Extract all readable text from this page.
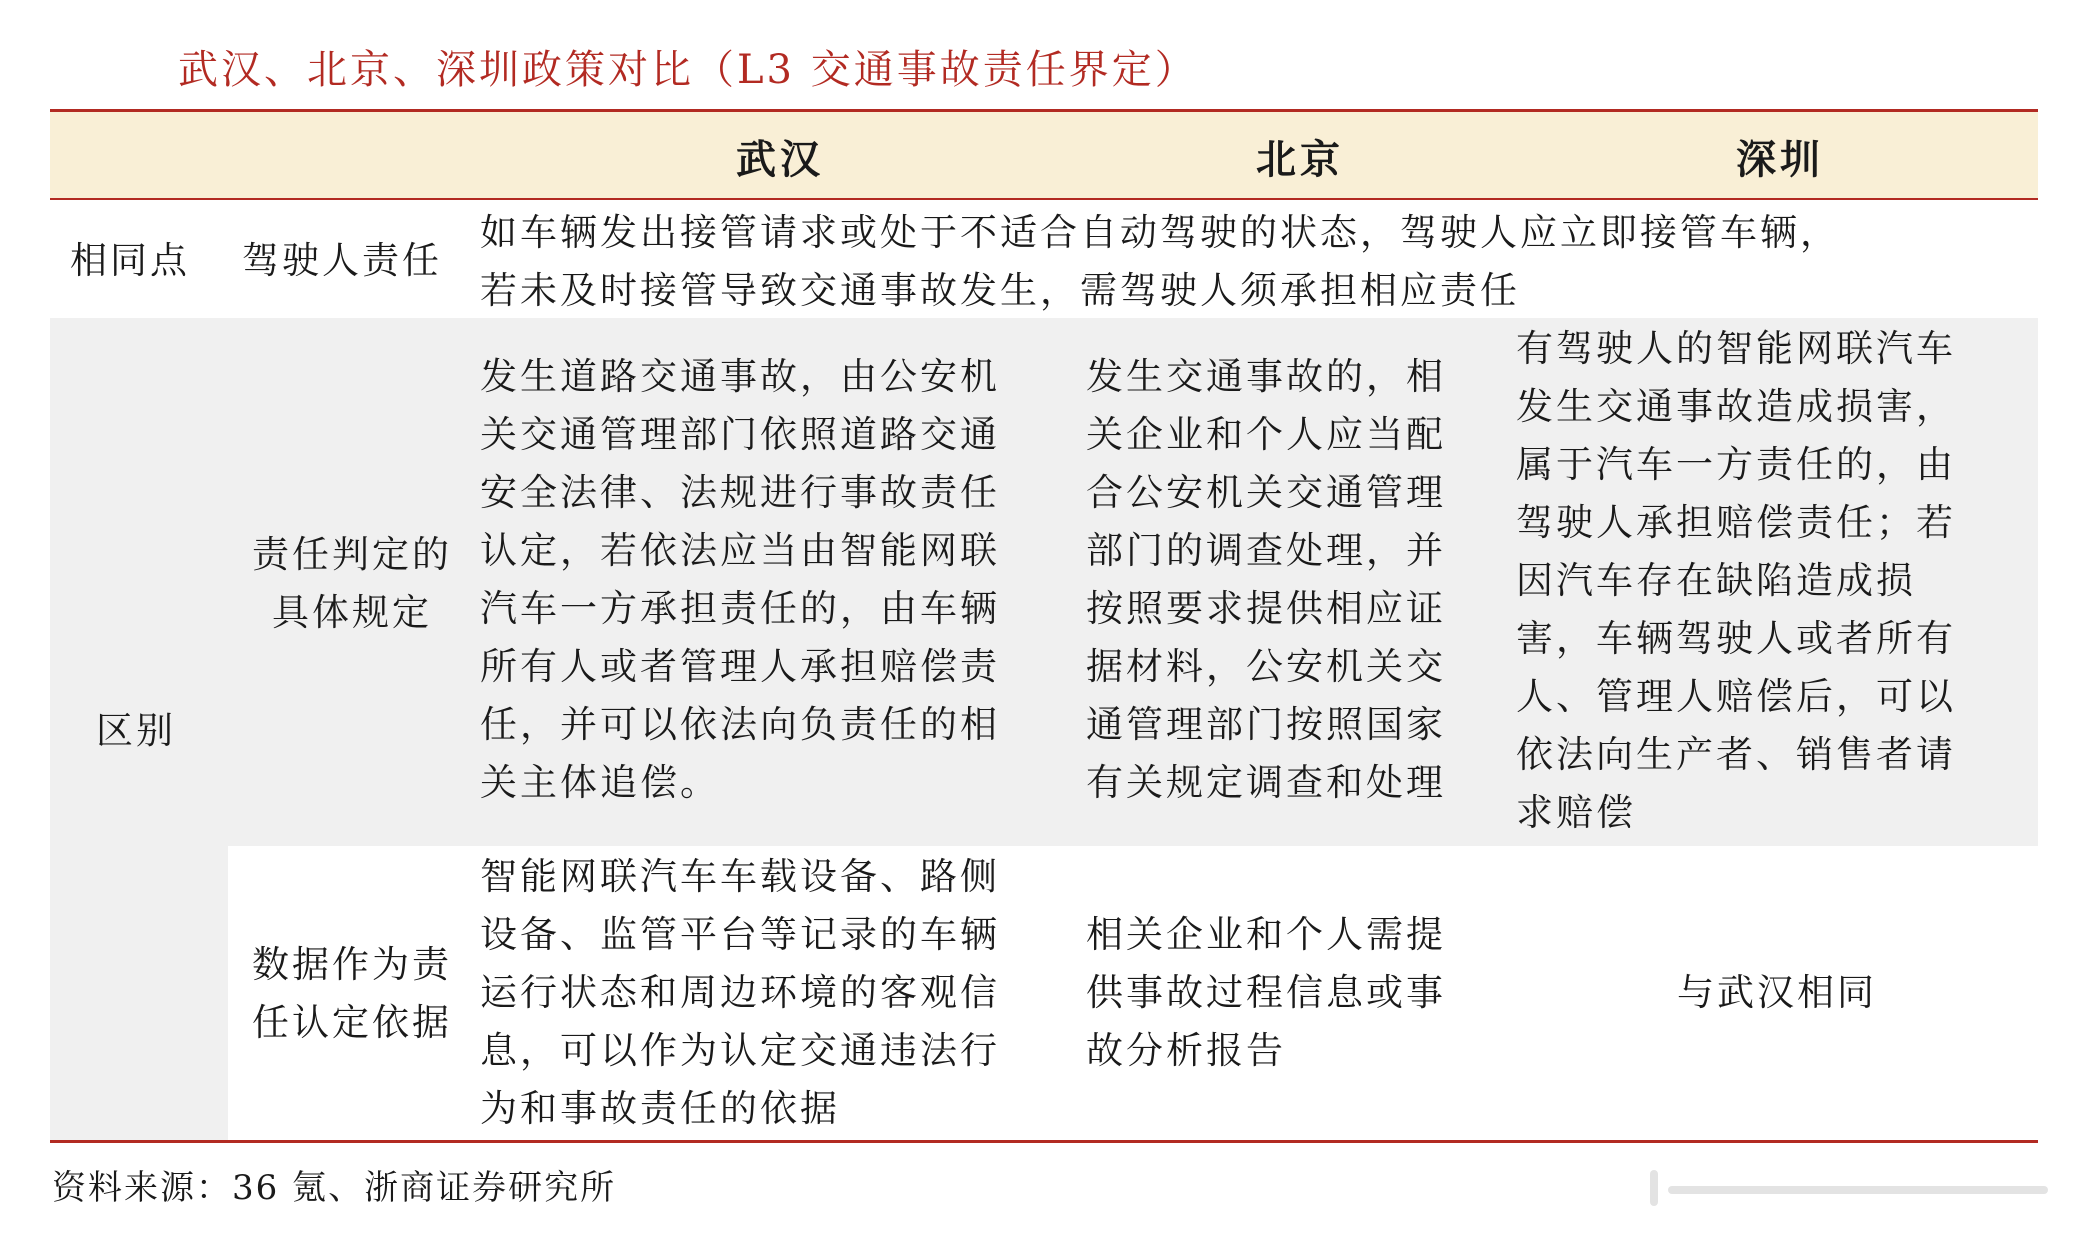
武汉、北京、深圳政策对比（L3 交通事故责任界定）
武汉	北京	深圳
相同点 驾驶人责任
如车辆发出接管请求或处于不适合自动驾驶的状态，驾驶人应立即接管车辆，
若未及时接管导致交通事故发生，需驾驶人须承担相应责任
区别
责任判定的
具体规定
发生道路交通事故，由公安机
关交通管理部门依照道路交通
安全法律、法规进行事故责任
认定，若依法应当由智能网联
汽车一方承担责任的，由车辆
所有人或者管理人承担赔偿责
任，并可以依法向负责任的相
关主体追偿。
发生交通事故的，相
关企业和个人应当配
合公安机关交通管理
部门的调查处理，并
按照要求提供相应证
据材料，公安机关交
通管理部门按照国家
有关规定调查和处理
有驾驶人的智能网联汽车
发生交通事故造成损害，
属于汽车一方责任的，由
驾驶人承担赔偿责任；若
因汽车存在缺陷造成损
害，车辆驾驶人或者所有
人、管理人赔偿后，可以
依法向生产者、销售者请
求赔偿
数据作为责
任认定依据
智能网联汽车车载设备、路侧
设备、监管平台等记录的车辆
运行状态和周边环境的客观信
息，可以作为认定交通违法行
为和事故责任的依据
相关企业和个人需提
供事故过程信息或事
故分析报告
与武汉相同
资料来源：36 氪、浙商证券研究所
